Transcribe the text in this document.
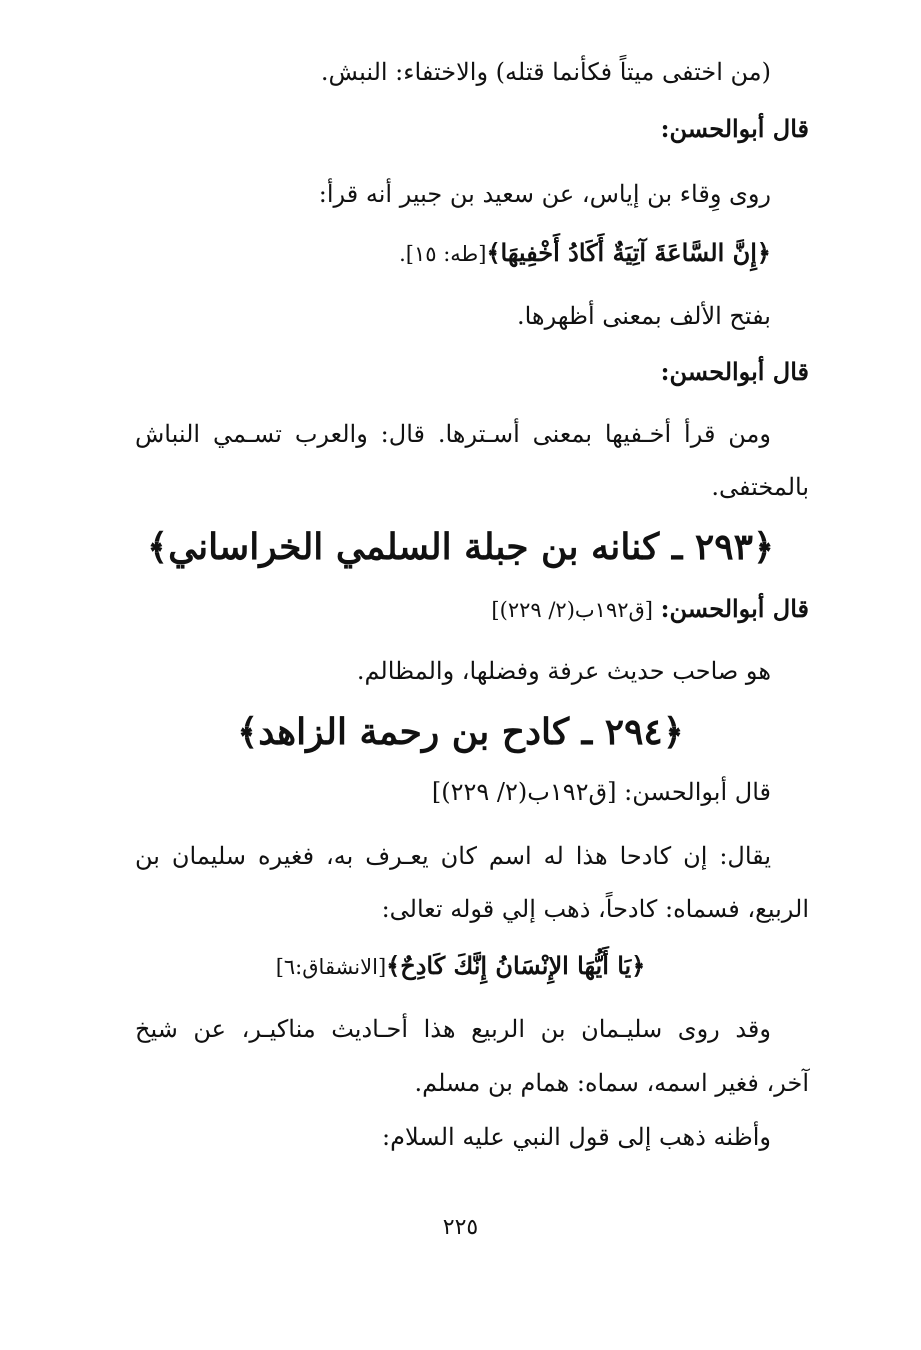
(من اختفى ميتاً فكأنما قتله) والاختفاء: النبش.

قال أبوالحسن:

روى وِقاء بن إياس، عن سعيد بن جبير أنه قرأ:

﴿إِنَّ السَّاعَةَ آتِيَةٌ أَكَادُ أَخْفِيهَا﴾[طه: ١٥].

بفتح الألف بمعنى أظهرها.

قال أبوالحسن:

ومن قرأ أخـفيها بمعنى أسـترها. قال: والعرب تسـمي النباش

بالمختفى.

﴿٢٩٣ ـ كنانه بن جبلة السلمي الخراساني﴾

قال أبوالحسن: [ق١٩٢ب(٢/ ٢٢٩)]

هو صاحب حديث عرفة وفضلها، والمظالم.

﴿٢٩٤ ـ كادح بن رحمة الزاهد﴾

قال أبوالحسن: [ق١٩٢ب(٢/ ٢٢٩)]

يقال: إن كادحا هذا له اسم كان يعـرف به، فغيره سليمان بن

الربيع، فسماه: كادحاً، ذهب إلي قوله تعالى:

﴿يَا أَيُّهَا الإِنْسَانُ إِنَّكَ كَادِحٌ﴾[الانشقاق:٦]

وقد روى سليـمان بن الربيع هذا أحـاديث مناكيـر، عن شيخ

آخر، فغير اسمه، سماه: همام بن مسلم.

وأظنه ذهب إلى قول النبي عليه السلام:

٢٢٥
